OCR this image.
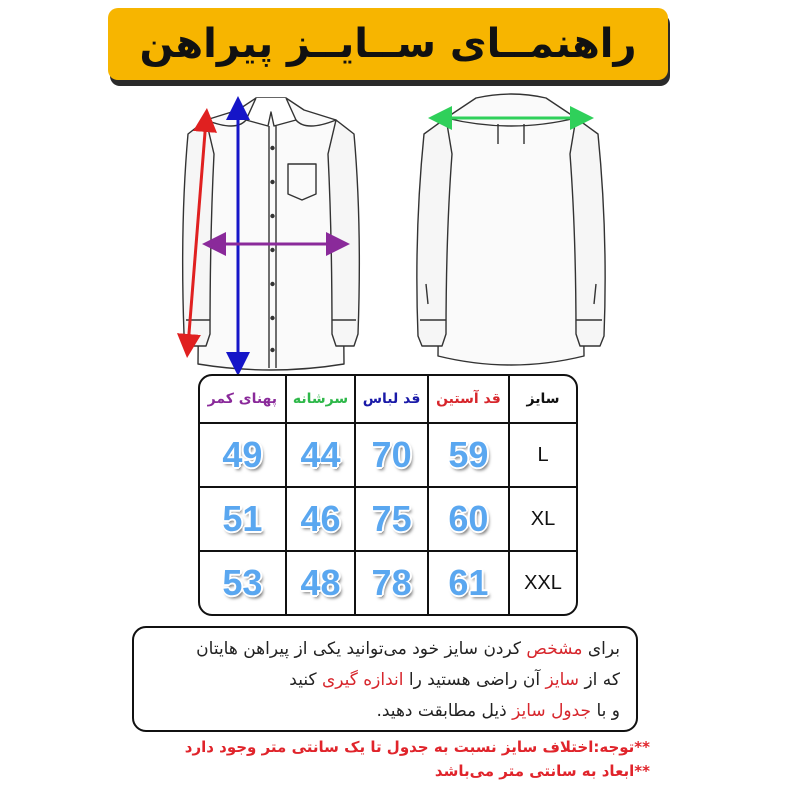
راهنمــای ســایــز پیراهن
سایز	قد آستین	قد لباس	سرشانه	پهنای کمر
L	59	70	44	49
XL	60	75	46	51
XXL	61	78	48	53
برای مشخص کردن سایز خود می‌توانید یکی از پیراهن هایتان
که از سایز آن راضی هستید را اندازه گیری کنید
و با جدول سایز ذیل مطابقت دهید.
**توجه:اختلاف سایز نسبت به جدول تا یک سانتی متر وجود دارد
**ابعاد به سانتی متر می‌باشد
